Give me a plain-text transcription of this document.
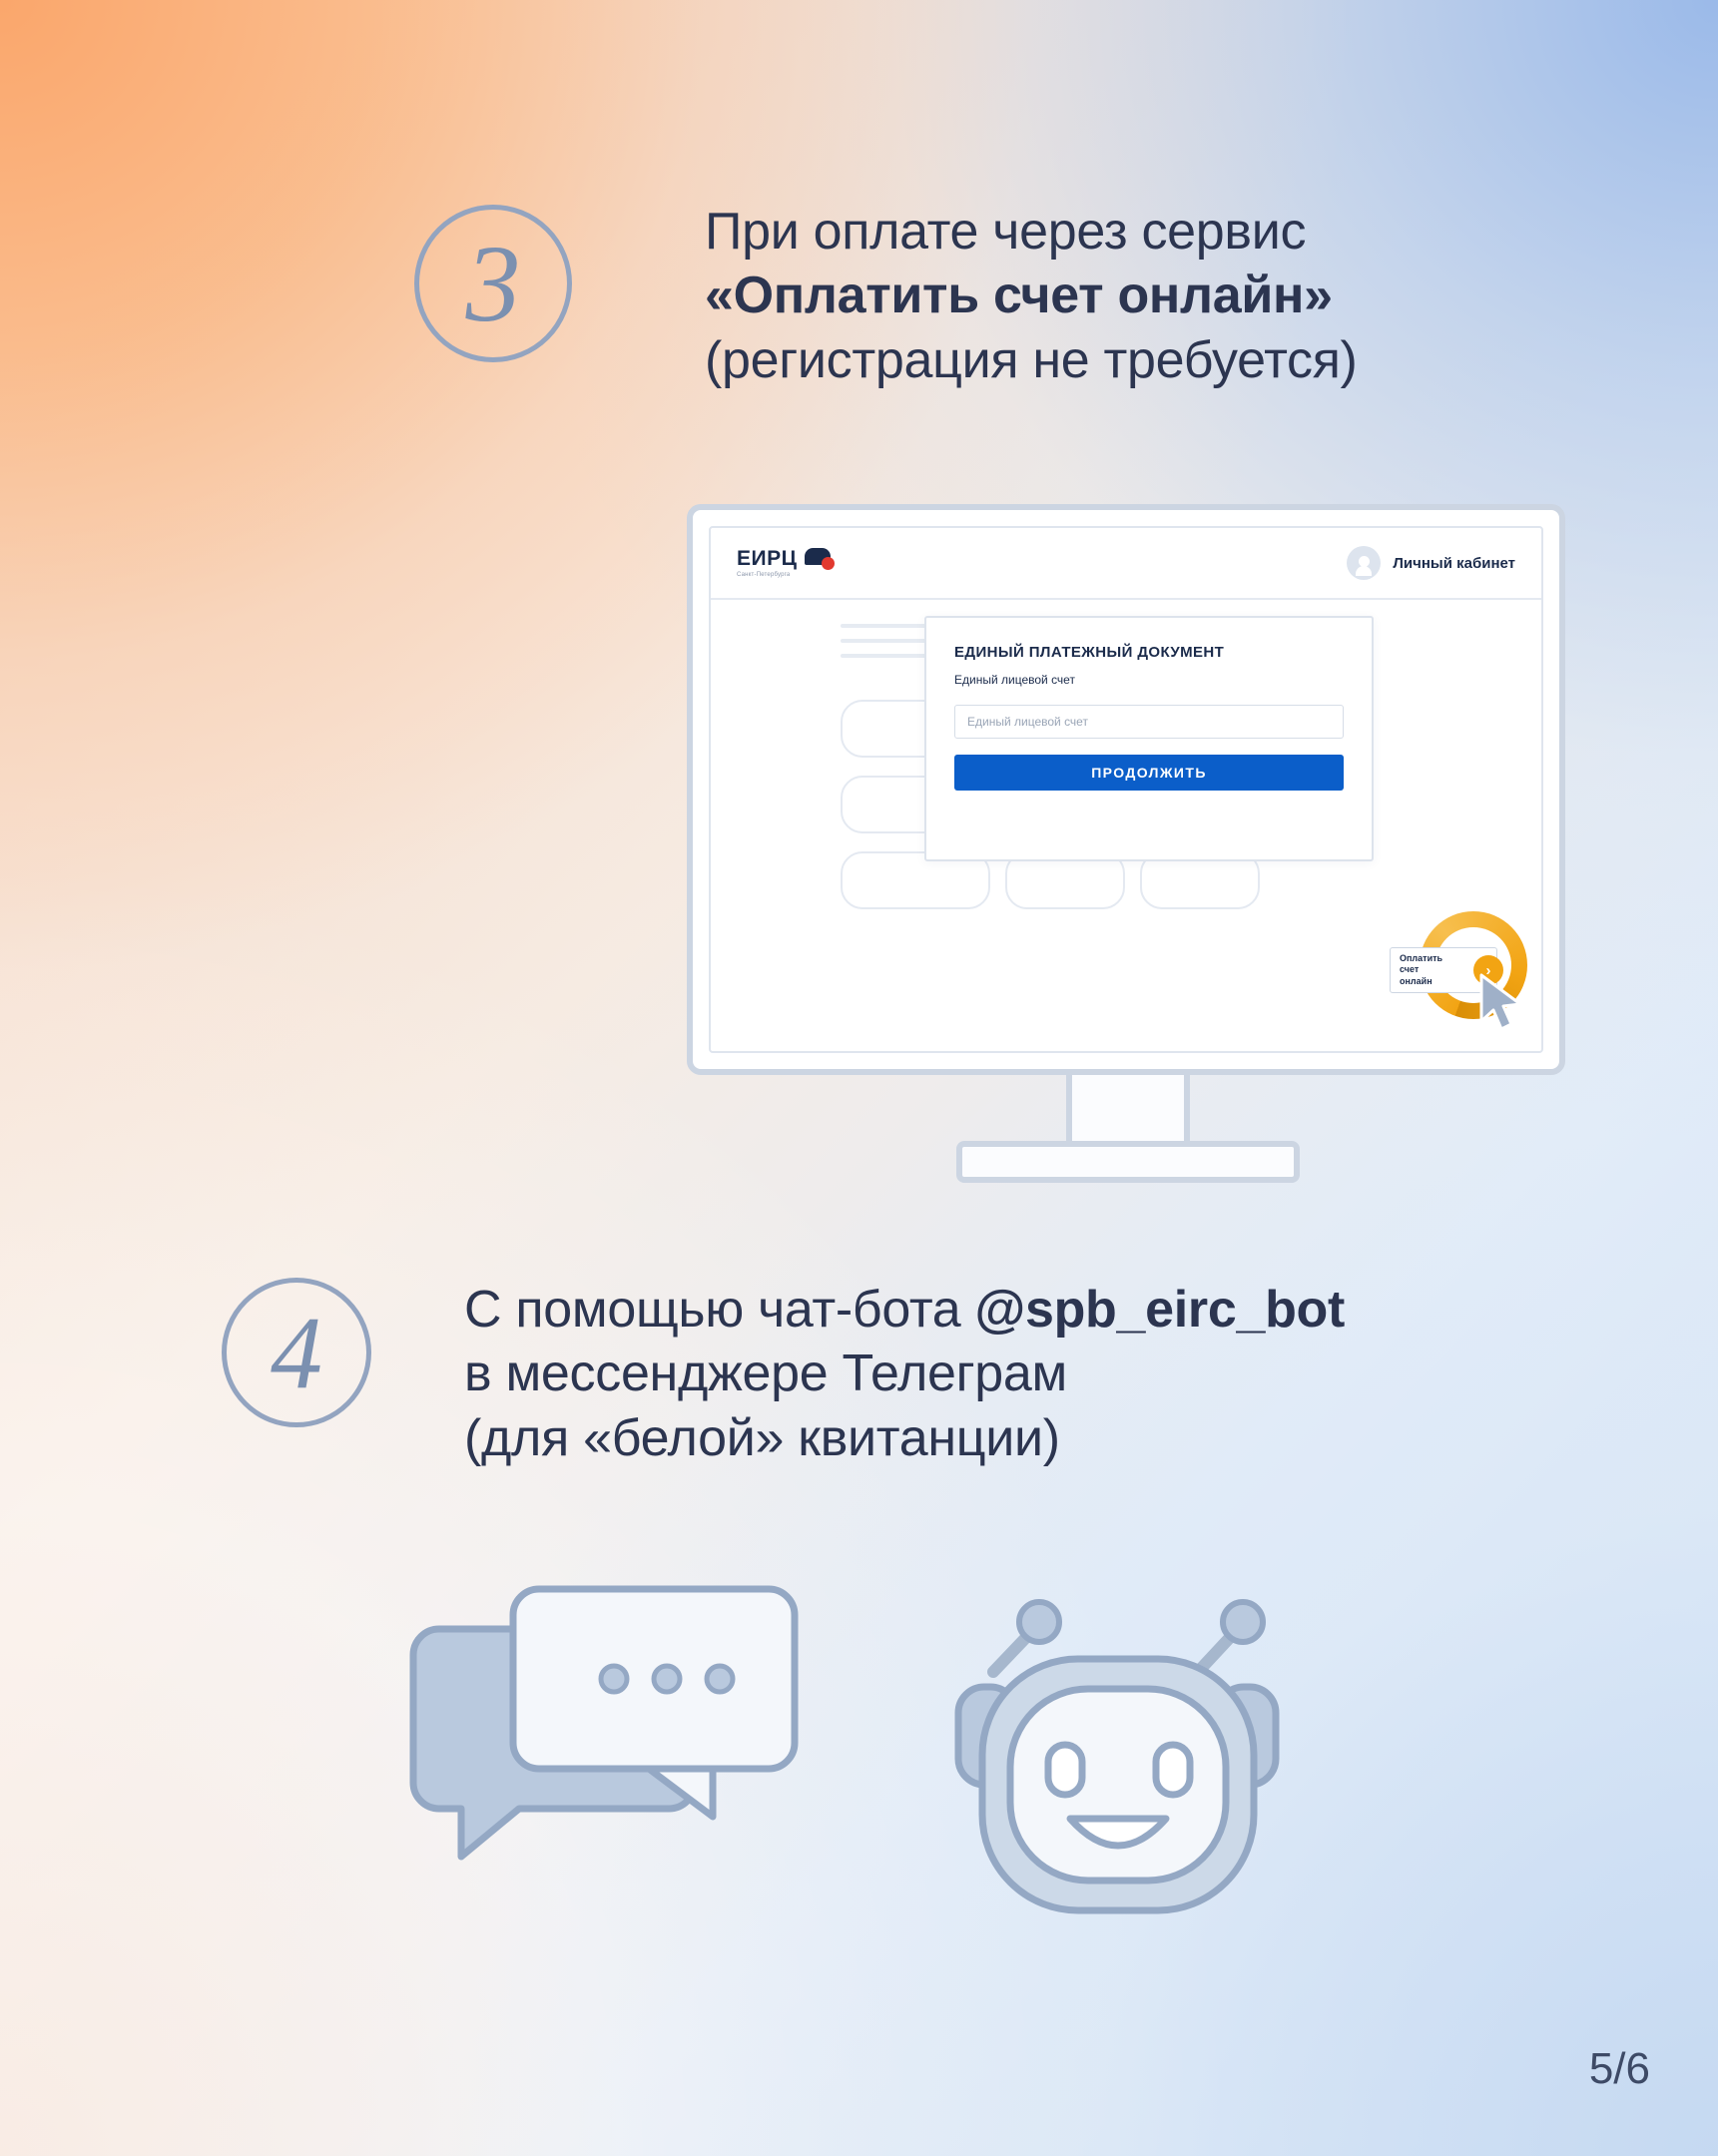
3	При оплате через сервис
«Оплатить счет онлайн»
(регистрация не требуется)
ЕИРЦ
Санкт-Петербурга
Личный кабинет
ЕДИНЫЙ ПЛАТЕЖНЫЙ ДОКУМЕНТ
Единый лицевой счет
Единый лицевой счет
ПРОДОЛЖИТЬ
Оплатить
счет
онлайн
›
4	С помощью чат-бота @spb_eirc_bot
в мессенджере Телеграм
(для «белой» квитанции)
5/6
